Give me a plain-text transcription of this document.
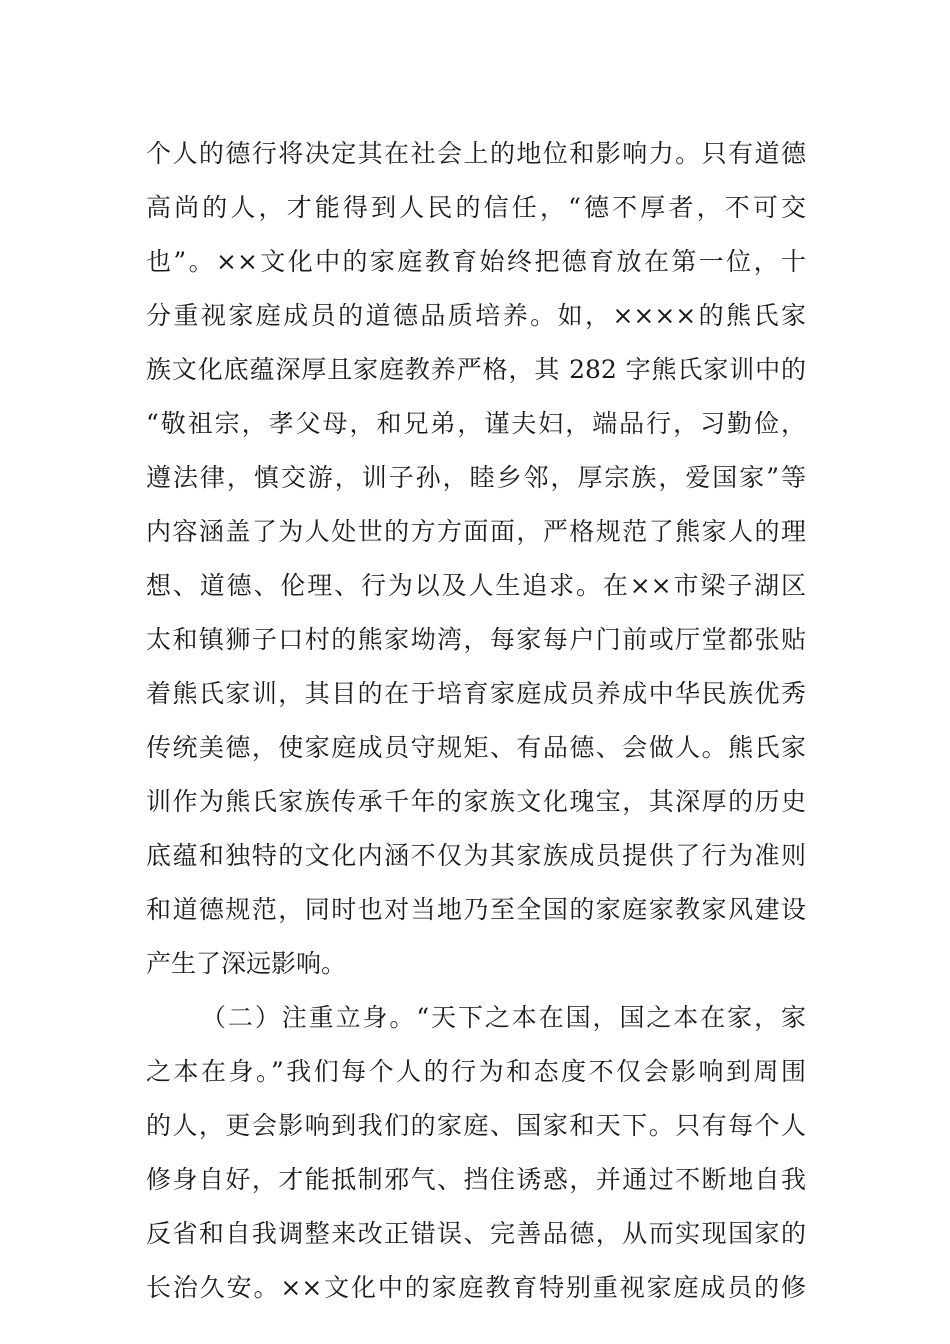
个人的德行将决定其在社会上的地位和影响力。只有道德
高尚的人，才能得到人民的信任，“德不厚者，不可交
也”。××文化中的家庭教育始终把德育放在第一位，十
分重视家庭成员的道德品质培养。如，××××的熊氏家
族文化底蕴深厚且家庭教养严格，其 282 字熊氏家训中的
“敬祖宗，孝父母，和兄弟，谨夫妇，端品行，习勤俭，
遵法律，慎交游，训子孙，睦乡邻，厚宗族，爱国家”等
内容涵盖了为人处世的方方面面，严格规范了熊家人的理
想、道德、伦理、行为以及人生追求。在××市梁子湖区
太和镇狮子口村的熊家坳湾，每家每户门前或厅堂都张贴
着熊氏家训，其目的在于培育家庭成员养成中华民族优秀
传统美德，使家庭成员守规矩、有品德、会做人。熊氏家
训作为熊氏家族传承千年的家族文化瑰宝，其深厚的历史
底蕴和独特的文化内涵不仅为其家族成员提供了行为准则
和道德规范，同时也对当地乃至全国的家庭家教家风建设
产生了深远影响。
（二）注重立身。“天下之本在国，国之本在家，家
之本在身。”我们每个人的行为和态度不仅会影响到周围
的人，更会影响到我们的家庭、国家和天下。只有每个人
修身自好，才能抵制邪气、挡住诱惑，并通过不断地自我
反省和自我调整来改正错误、完善品德，从而实现国家的
长治久安。××文化中的家庭教育特别重视家庭成员的修
